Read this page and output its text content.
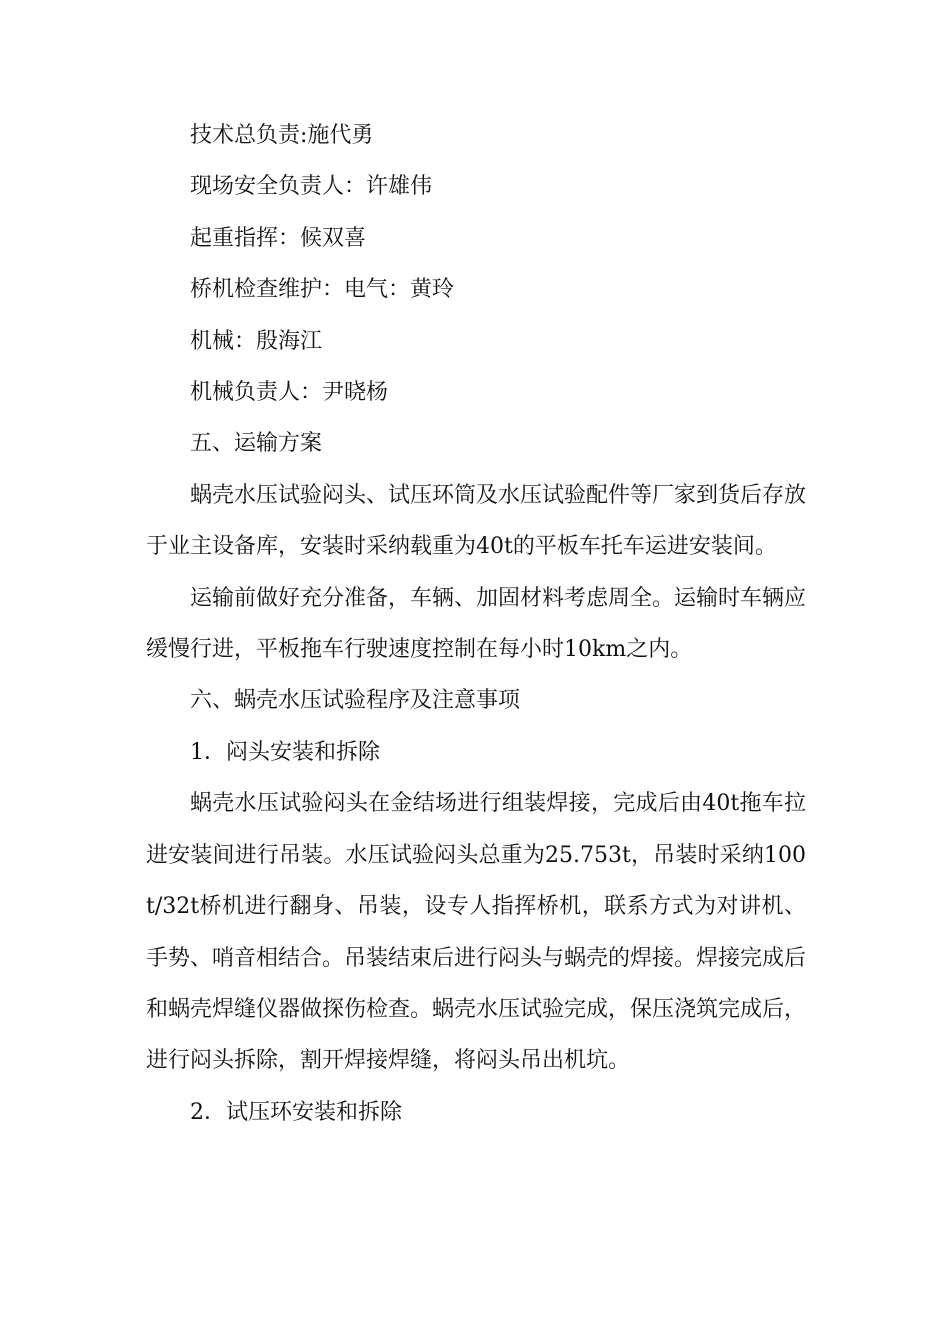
技术总负责:施代勇

现场安全负责人：许雄伟

起重指挥：候双喜

桥机检查维护：电气：黄玲

机械：殷海江

机械负责人：尹晓杨

五、运输方案

蜗壳水压试验闷头、试压环筒及水压试验配件等厂家到货后存放于业主设备库，安装时采纳载重为40t的平板车托车运进安装间。

运输前做好充分准备，车辆、加固材料考虑周全。运输时车辆应缓慢行进，平板拖车行驶速度控制在每小时10km之内。

六、蜗壳水压试验程序及注意事项

1．闷头安装和拆除

蜗壳水压试验闷头在金结场进行组装焊接，完成后由40t拖车拉进安装间进行吊装。水压试验闷头总重为25.753t，吊装时采纳100t/32t桥机进行翻身、吊装，设专人指挥桥机，联系方式为对讲机、手势、哨音相结合。吊装结束后进行闷头与蜗壳的焊接。焊接完成后和蜗壳焊缝仪器做探伤检查。蜗壳水压试验完成，保压浇筑完成后，进行闷头拆除，割开焊接焊缝，将闷头吊出机坑。

2．试压环安装和拆除
